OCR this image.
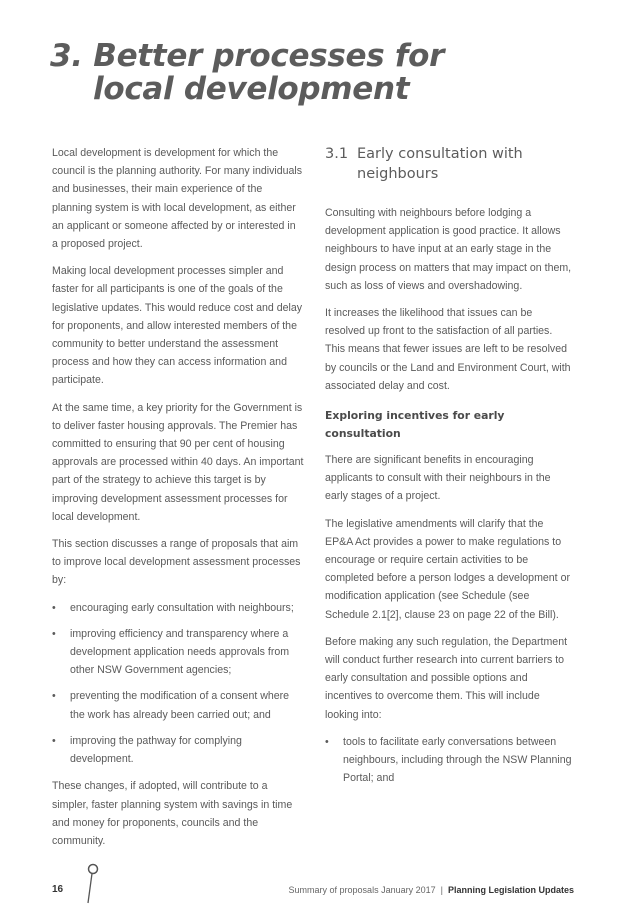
3. Better processes for
local development

Local development is development for which the council is the planning authority. For many individuals and businesses, their main experience of the planning system is with local development, as either an applicant or someone affected by or interested in a proposed project.

Making local development processes simpler and faster for all participants is one of the goals of the legislative updates. This would reduce cost and delay for proponents, and allow interested members of the community to better understand the assessment process and how they can access information and participate.

At the same time, a key priority for the Government is to deliver faster housing approvals. The Premier has committed to ensuring that 90 per cent of housing approvals are processed within 40 days. An important part of the strategy to achieve this target is by improving development assessment processes for local development.

This section discusses a range of proposals that aim to improve local development assessment processes by:

• encouraging early consultation with neighbours;
• improving efficiency and transparency where a development application needs approvals from other NSW Government agencies;
• preventing the modification of a consent where the work has already been carried out; and
• improving the pathway for complying development.

These changes, if adopted, will contribute to a simpler, faster planning system with savings in time and money for proponents, councils and the community.

3.1 Early consultation with neighbours

Consulting with neighbours before lodging a development application is good practice. It allows neighbours to have input at an early stage in the design process on matters that may impact on them, such as loss of views and overshadowing.

It increases the likelihood that issues can be resolved up front to the satisfaction of all parties. This means that fewer issues are left to be resolved by councils or the Land and Environment Court, with associated delay and cost.

Exploring incentives for early consultation

There are significant benefits in encouraging applicants to consult with their neighbours in the early stages of a project.

The legislative amendments will clarify that the EP&A Act provides a power to make regulations to encourage or require certain activities to be completed before a person lodges a development or modification application (see Schedule (see Schedule 2.1[2], clause 23 on page 22 of the Bill).

Before making any such regulation, the Department will conduct further research into current barriers to early consultation and possible options and incentives to overcome them. This will include looking into:

• tools to facilitate early conversations between neighbours, including through the NSW Planning Portal; and
16	Summary of proposals January 2017 | Planning Legislation Updates
